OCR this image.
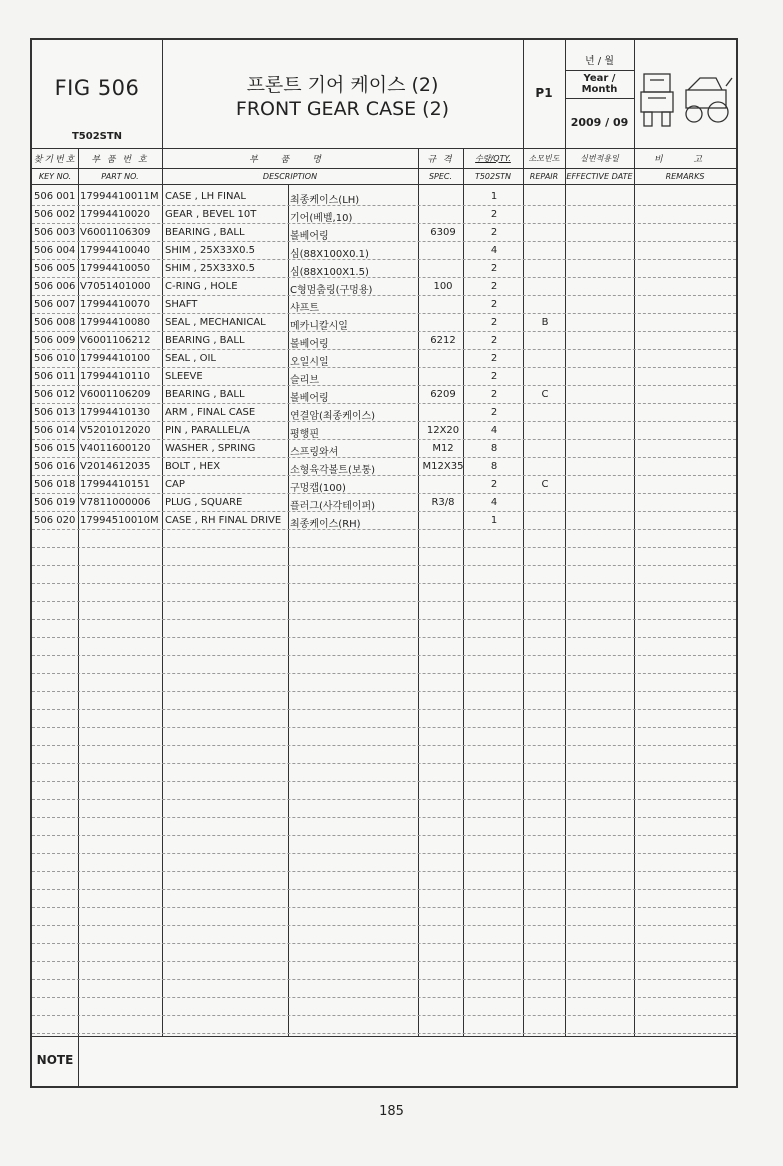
FIG 506
T502STN
프론트 기어 케이스 (2)
FRONT GEAR CASE (2)
P1
년 / 월
Year / Month
2009 / 09
찾기번호
KEY NO.
부 품 번 호
PART NO.
부 품 명
DESCRIPTION
규 격
SPEC.
수량/QTY.
T502STN
소모빈도
REPAIR
실번적용일
EFFECTIVE DATE
비 고
REMARKS
506 001 17994410011M CASE , LH FINAL	최종케이스(LH)	1
506 002 17994410020 GEAR , BEVEL 10T	기어(베벨,10)	2
506 003 V6001106309 BEARING , BALL	볼베어링	6309	2
506 004 17994410040 SHIM , 25X33X0.5	심(88X100X0.1)	4
506 005 17994410050 SHIM , 25X33X0.5	심(88X100X1.5)	2
506 006 V7051401000 C-RING , HOLE	C형멈춤링(구멍용)	100	2
506 007 17994410070 SHAFT	샤프트	2
506 008 17994410080 SEAL , MECHANICAL 메카니칼시일	2	B
506 009 V6001106212 BEARING , BALL	볼베어링	6212	2
506 010 17994410100 SEAL , OIL	오일시일	2
506 011 17994410110 SLEEVE	슬리브	2
506 012 V6001106209 BEARING , BALL	볼베어링	6209	2	C
506 013 17994410130 ARM , FINAL CASE	연결암(최종케이스)	2
506 014 V5201012020 PIN , PARALLEL/A	평행핀	12X20	4
506 015 V4011600120 WASHER , SPRING	스프링와셔	M12	8
506 016 V2014612035 BOLT , HEX	소형육각볼트(보통)	M12X35	8
506 018 17994410151 CAP	구멍캡(100)	2	C
506 019 V7811000006 PLUG , SQUARE	플러그(사각테이퍼)	R3/8	4
506 020 17994510010M CASE , RH FINAL DRIVE 최종케이스(RH)	1
NOTE
185
